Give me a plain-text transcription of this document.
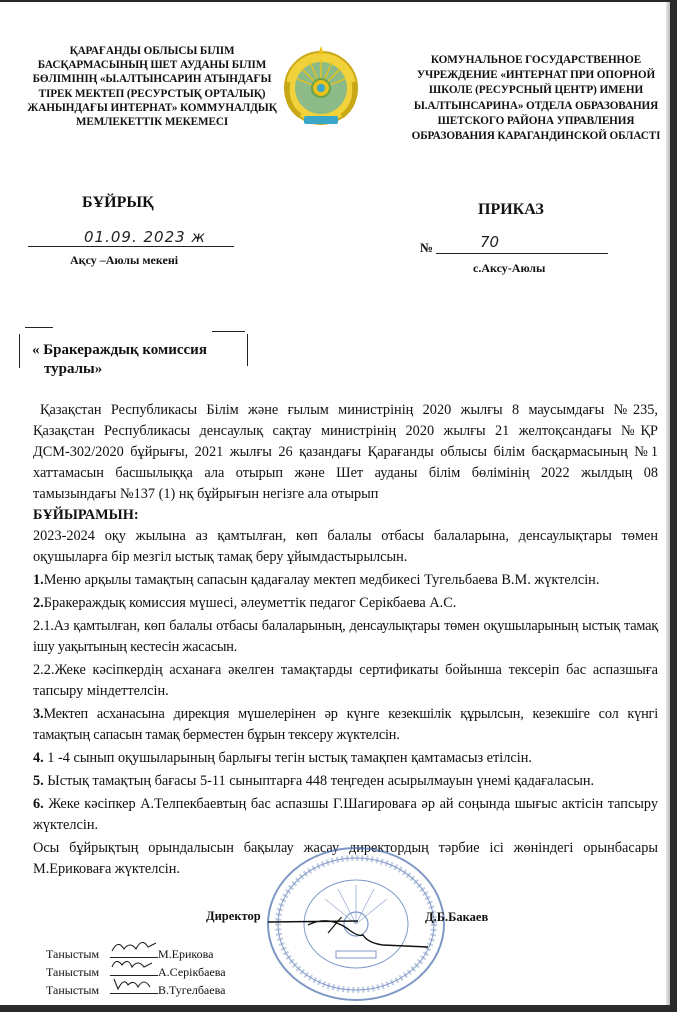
ҚАРАҒАНДЫ ОБЛЫСЫ БІЛІМ
БАСҚАРМАСЫНЫҢ ШЕТ АУДАНЫ БІЛІМ
БӨЛІМІНІҢ «Ы.АЛТЫНСАРИН АТЫНДАҒЫ
ТІРЕК МЕКТЕП (РЕСУРСТЫҚ ОРТАЛЫҚ)
ЖАНЫНДАҒЫ ИНТЕРНАТ» КОММУНАЛДЫҚ
МЕМЛЕКЕТТІК МЕКЕМЕСІ
КОМУНАЛЬНОЕ ГОСУДАРСТВЕННОЕ
УЧРЕЖДЕНИЕ «ИНТЕРНАТ ПРИ ОПОРНОЙ
ШКОЛЕ (РЕСУРСНЫЙ ЦЕНТР) ИМЕНИ
Ы.АЛТЫНСАРИНА» ОТДЕЛА ОБРАЗОВАНИЯ
ШЕТСКОГО РАЙОНА УПРАВЛЕНИЯ
ОБРАЗОВАНИЯ КАРАГАНДИНСКОЙ ОБЛАСТІ
БҰЙРЫҚ	ПРИКАЗ
01.09. 2023 ж
Ақсу –Аюлы мекені
№	70
с.Аксу-Аюлы
« Бракераждық комиссия
туралы»

Қазақстан Республикасы Білім және ғылым министрінің 2020 жылғы 8 маусымдағы №235, Қазақстан Республикасы денсаулық сақтау министрінің 2020 жылғы 21 желтоқсандағы №ҚР ДСМ-302/2020 бұйрығы, 2021 жылғы 26 қазандағы Қарағанды облысы білім басқармасының №1 хаттамасын басшылыққа ала отырып және Шет ауданы білім бөлімінің 2022 жылдың 08 тамызындағы №137 (1) нқ бұйрығын негізге ала отырып

БҰЙЫРАМЫН:

2023-2024 оқу жылына аз қамтылған, көп балалы отбасы балаларына, денсаулықтары төмен оқушыларға бір мезгіл ыстық тамақ беру ұйымдастырылсын.

1.Меню арқылы тамақтың сапасын қадағалау мектеп медбикесі Тугельбаева В.М. жүктелсін.

2.Бракераждық комиссия мүшесі, әлеуметтік педагог Серікбаева А.С.

2.1.Аз қамтылған, көп балалы отбасы балаларының, денсаулықтары төмен оқушыларының ыстық тамақ ішу уақытының кестесін жасасын.

2.2.Жеке кәсіпкердің асханаға әкелген тамақтарды сертификаты бойынша тексеріп бас аспазшыға тапсыру міндеттелсін.

3.Мектеп асханасына дирекция мүшелерінен әр күнге кезекшілік құрылсын, кезекшіге сол күнгі тамақтың сапасын тамақ берместен бұрын тексеру жүктелсін.

4. 1 -4 сынып оқушыларының барлығы тегін ыстық тамақпен қамтамасыз етілсін.

5. Ыстық тамақтың бағасы 5-11 сыныптарға 448 теңгеден асырылмауын үнемі қадағаласын.

6. Жеке кәсіпкер А.Телпекбаевтың бас аспазшы Г.Шагироваға әр ай соңында шығыс актісін тапсыру жүктелсін.

Осы бұйрықтың орындалысын бақылау жасау директордың тәрбие ісі жөніндегі орынбасары М.Ериковаға жүктелсін.

Директор	Д.Б.Бакаев
Таныстым	М.Ерикова
Таныстым	А.Серікбаева
Таныстым	В.Тугелбаева
